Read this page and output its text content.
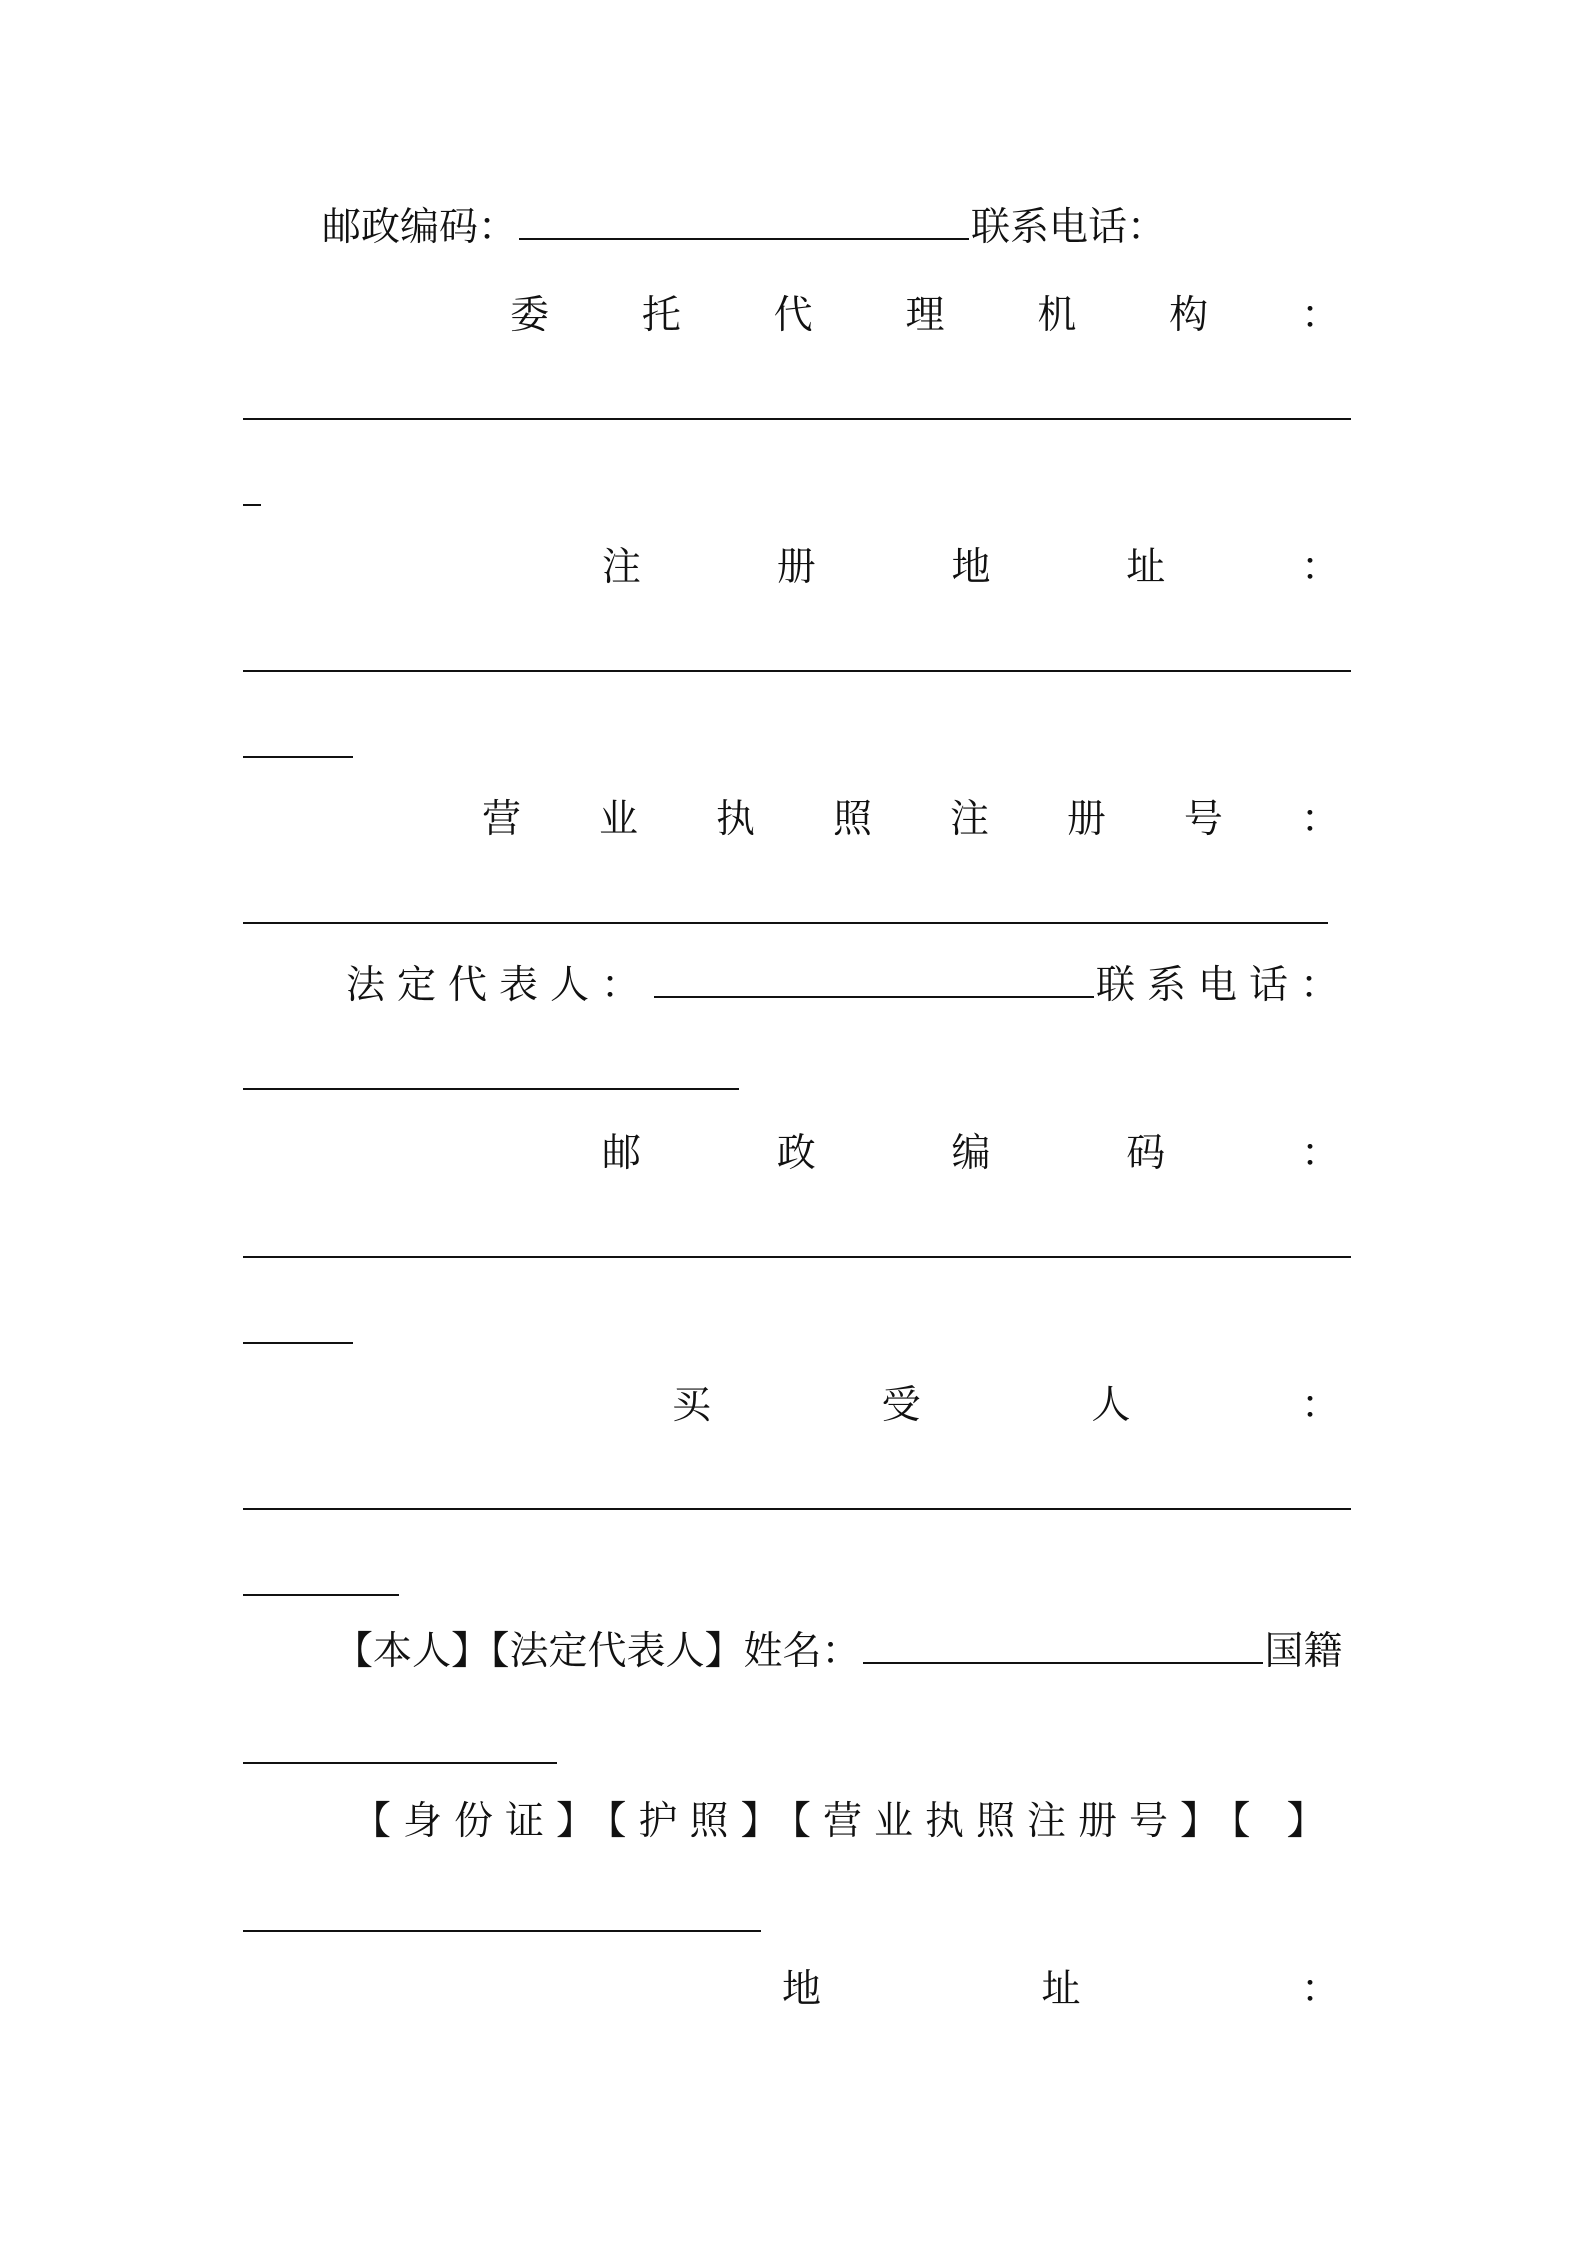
邮政编码：	联系电话：
委 托 代 理 机 构 ：
注	册	地	址	：
营 业 执 照 注 册 号 ：
法定代表人：	联系电话：
邮	政	编	码	：
买	受	人	：
【本人】【法定代表人】姓名：	国籍
【身份证】【护照】【营业执照注册号】【 】
地	址	：
